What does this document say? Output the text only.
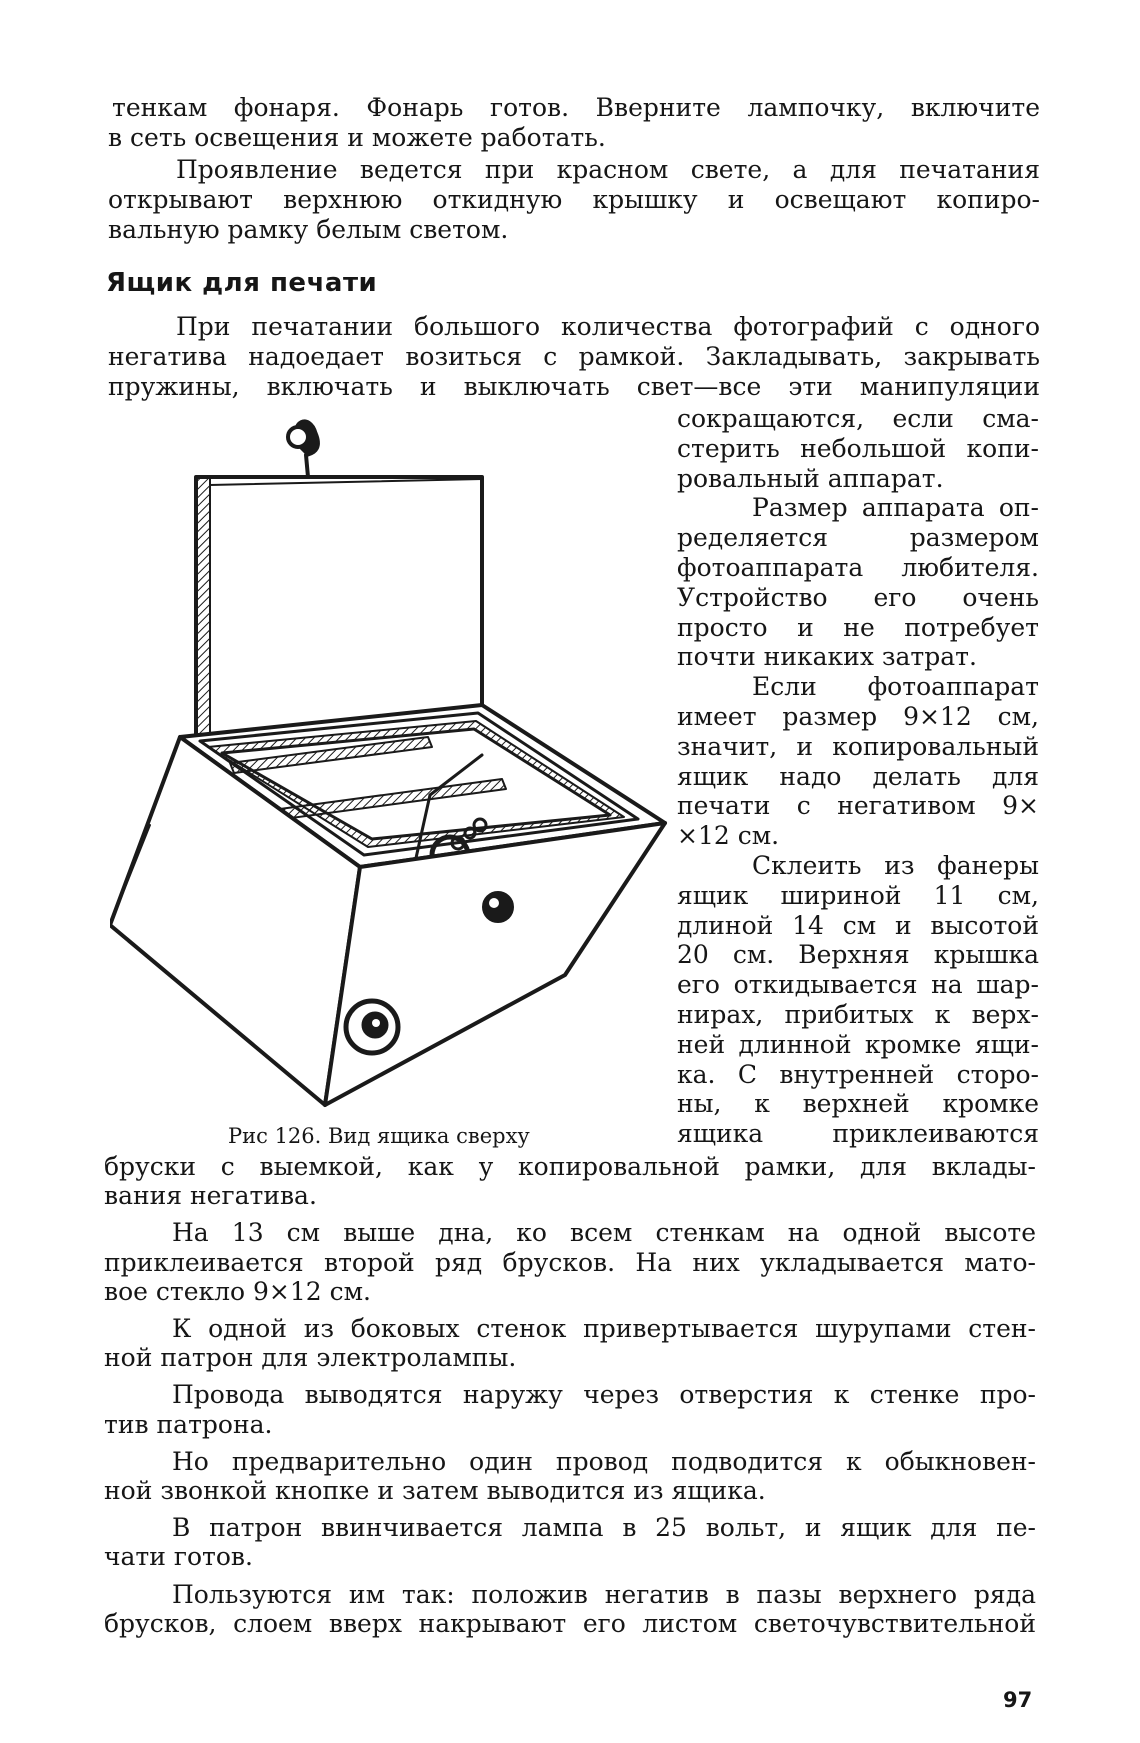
тенкам фонаря. Фонарь готов. Вверните лампочку, включите
в сеть освещения и можете работать.
Проявление ведется при красном свете, а для печатания
открывают верхнюю откидную крышку и освещают копиро-
вальную рамку белым светом.
Ящик для печати
При печатании большого количества фотографий с одного
негатива надоедает возиться с рамкой. Закладывать, закрывать
пружины, включать и выключать свет—все эти манипуляции
сокращаются, если сма-
стерить небольшой копи-
ровальный аппарат.
Размер аппарата оп-
ределяется размером
фотоаппарата любителя.
Устройство его очень
просто и не потребует
почти никаких затрат.
Если фотоаппарат
имеет размер 9×12 см,
значит, и копировальный
ящик надо делать для
печати с негативом 9×
×12 см.
Склеить из фанеры
ящик шириной 11 см,
длиной 14 см и высотой
20 см. Верхняя крышка
его откидывается на шар-
нирах, прибитых к верх-
ней длинной кромке ящи-
ка. С внутренней сторо-
ны, к верхней кромке
ящика приклеиваются
Рис 126. Вид ящика сверху
бруски с выемкой, как у копировальной рамки, для вклады-
вания негатива.
На 13 см выше дна, ко всем стенкам на одной высоте
приклеивается второй ряд брусков. На них укладывается мато-
вое стекло 9×12 см.
К одной из боковых стенок привертывается шурупами стен-
ной патрон для электролампы.
Провода выводятся наружу через отверстия к стенке про-
тив патрона.
Но предварительно один провод подводится к обыкновен-
ной звонкой кнопке и затем выводится из ящика.
В патрон ввинчивается лампа в 25 вольт, и ящик для пе-
чати готов.
Пользуются им так: положив негатив в пазы верхнего ряда
брусков, слоем вверх накрывают его листом светочувствительной
97
